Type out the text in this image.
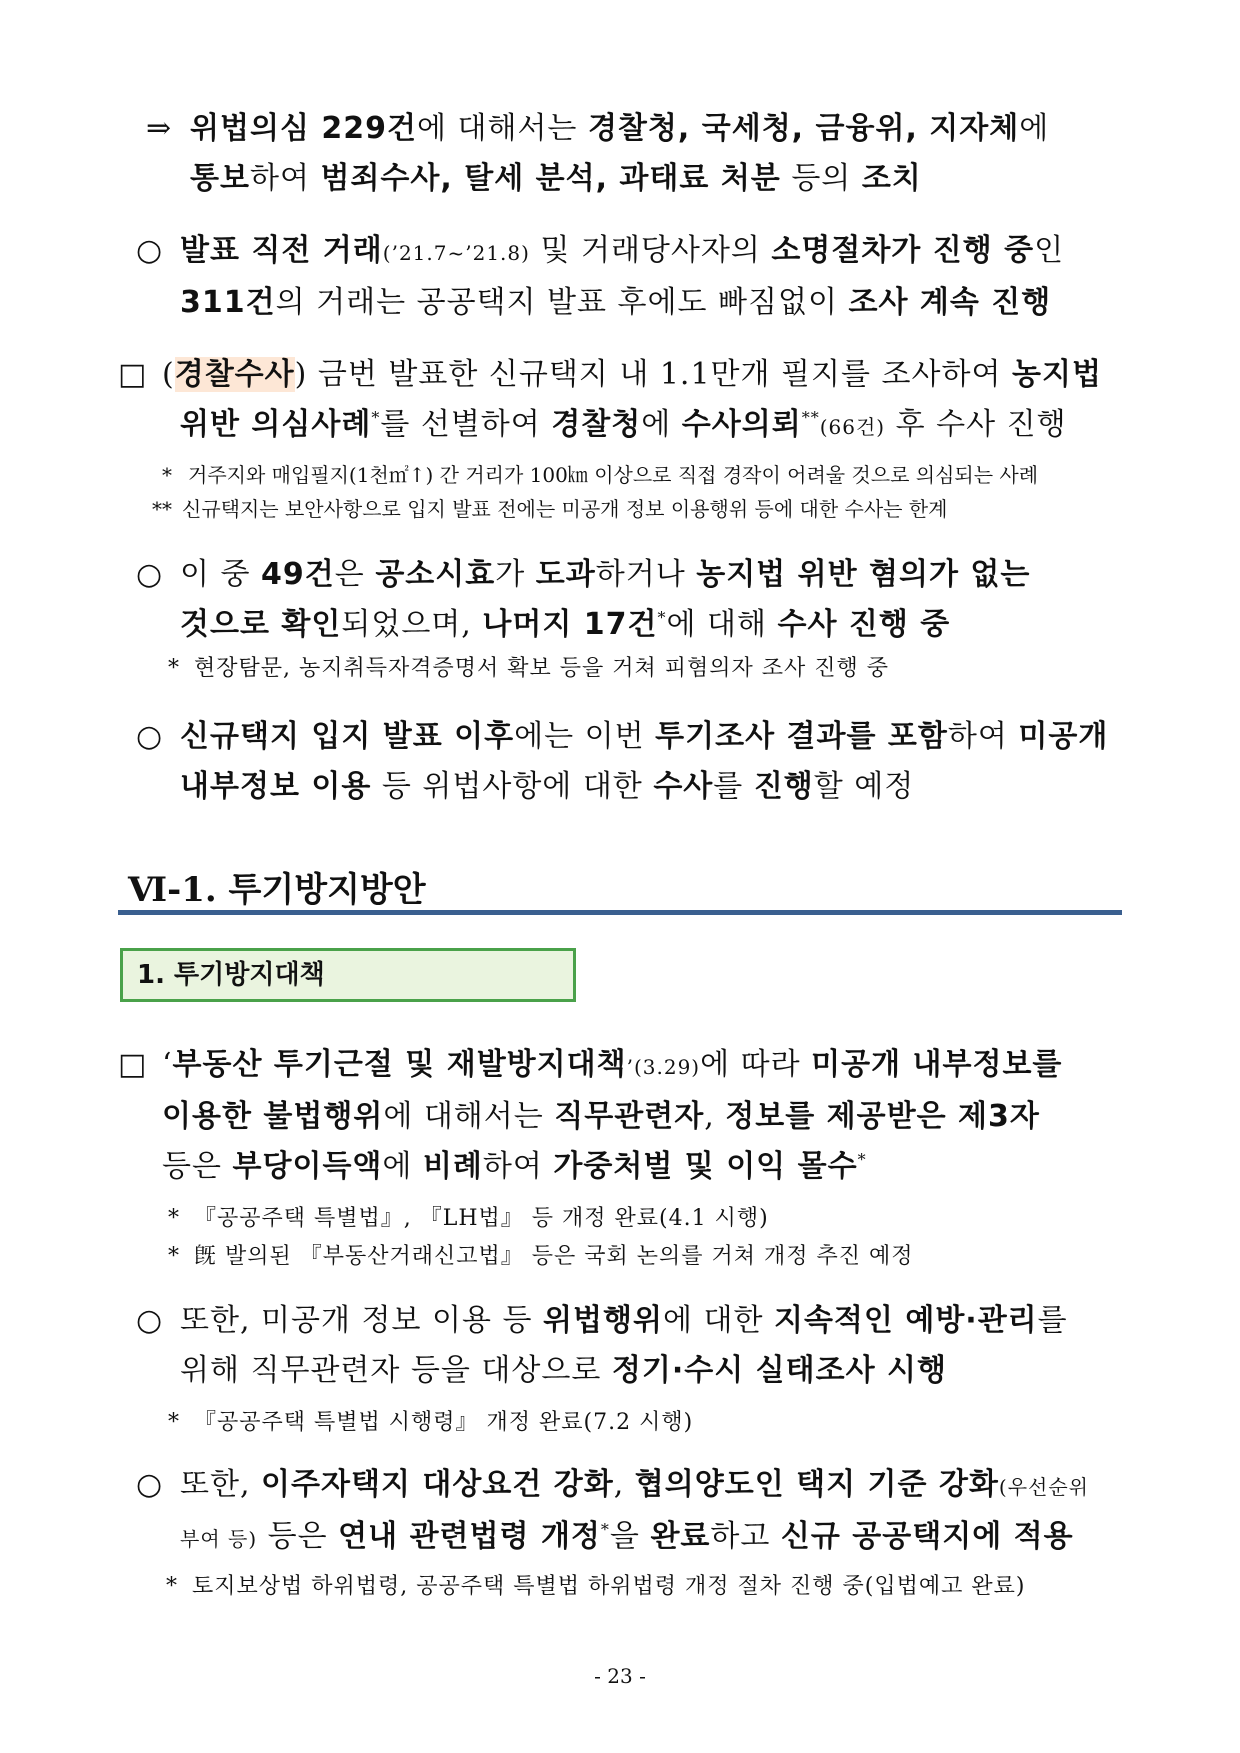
⇒ 위법의심 229건에 대해서는 경찰청, 국세청, 금융위, 지자체에
통보하여 범죄수사, 탈세 분석, 과태료 처분 등의 조치
○ 발표 직전 거래(’21.7~’21.8) 및 거래당사자의 소명절차가 진행 중인
311건의 거래는 공공택지 발표 후에도 빠짐없이 조사 계속 진행
□ (경찰수사) 금번 발표한 신규택지 내 1.1만개 필지를 조사하여 농지법
위반 의심사례*를 선별하여 경찰청에 수사의뢰**(66건) 후 수사 진행
* 거주지와 매입필지(1천㎡↑) 간 거리가 100㎞ 이상으로 직접 경작이 어려울 것으로 의심되는 사례
** 신규택지는 보안사항으로 입지 발표 전에는 미공개 정보 이용행위 등에 대한 수사는 한계
○ 이 중 49건은 공소시효가 도과하거나 농지법 위반 혐의가 없는
것으로 확인되었으며, 나머지 17건*에 대해 수사 진행 중
* 현장탐문, 농지취득자격증명서 확보 등을 거쳐 피혐의자 조사 진행 중
○ 신규택지 입지 발표 이후에는 이번 투기조사 결과를 포함하여 미공개
내부정보 이용 등 위법사항에 대한 수사를 진행할 예정
Ⅵ-1. 투기방지방안
1. 투기방지대책
□ ‘부동산 투기근절 및 재발방지대책’(3.29)에 따라 미공개 내부정보를
이용한 불법행위에 대해서는 직무관련자, 정보를 제공받은 제3자
등은 부당이득액에 비례하여 가중처벌 및 이익 몰수*
* 『공공주택 특별법』, 『LH법』 등 개정 완료(4.1 시행)
* 旣 발의된 『부동산거래신고법』 등은 국회 논의를 거쳐 개정 추진 예정
○ 또한, 미공개 정보 이용 등 위법행위에 대한 지속적인 예방·관리를
위해 직무관련자 등을 대상으로 정기·수시 실태조사 시행
* 『공공주택 특별법 시행령』 개정 완료(7.2 시행)
○ 또한, 이주자택지 대상요건 강화, 협의양도인 택지 기준 강화(우선순위
부여 등) 등은 연내 관련법령 개정*을 완료하고 신규 공공택지에 적용
* 토지보상법 하위법령, 공공주택 특별법 하위법령 개정 절차 진행 중(입법예고 완료)
- 23 -
